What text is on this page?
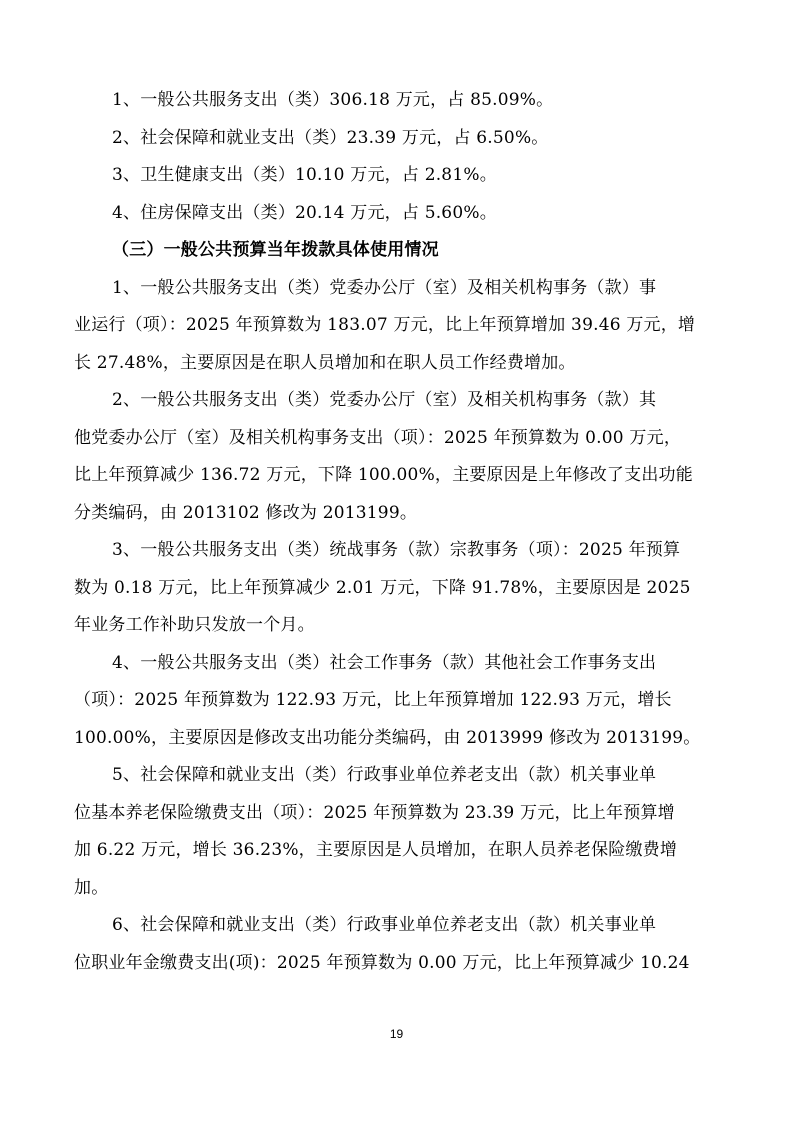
1、一般公共服务支出（类）306.18 万元，占 85.09%。
2、社会保障和就业支出（类）23.39 万元，占 6.50%。
3、卫生健康支出（类）10.10 万元，占 2.81%。
4、住房保障支出（类）20.14 万元，占 5.60%。
（三）一般公共预算当年拨款具体使用情况
1、一般公共服务支出（类）党委办公厅（室）及相关机构事务（款）事
业运行（项）：2025 年预算数为 183.07 万元，比上年预算增加 39.46 万元，增
长 27.48%，主要原因是在职人员增加和在职人员工作经费增加。
2、一般公共服务支出（类）党委办公厅（室）及相关机构事务（款）其
他党委办公厅（室）及相关机构事务支出（项）：2025 年预算数为 0.00 万元，
比上年预算减少 136.72 万元，下降 100.00%，主要原因是上年修改了支出功能
分类编码，由 2013102 修改为 2013199。
3、一般公共服务支出（类）统战事务（款）宗教事务（项）：2025 年预算
数为 0.18 万元，比上年预算减少 2.01 万元，下降 91.78%，主要原因是 2025
年业务工作补助只发放一个月。
4、一般公共服务支出（类）社会工作事务（款）其他社会工作事务支出
（项）：2025 年预算数为 122.93 万元，比上年预算增加 122.93 万元，增长
100.00%，主要原因是修改支出功能分类编码，由 2013999 修改为 2013199。
5、社会保障和就业支出（类）行政事业单位养老支出（款）机关事业单
位基本养老保险缴费支出（项）：2025 年预算数为 23.39 万元，比上年预算增
加 6.22 万元，增长 36.23%，主要原因是人员增加，在职人员养老保险缴费增
加。
6、社会保障和就业支出（类）行政事业单位养老支出（款）机关事业单
位职业年金缴费支出(项)：2025 年预算数为 0.00 万元，比上年预算减少 10.24
19
